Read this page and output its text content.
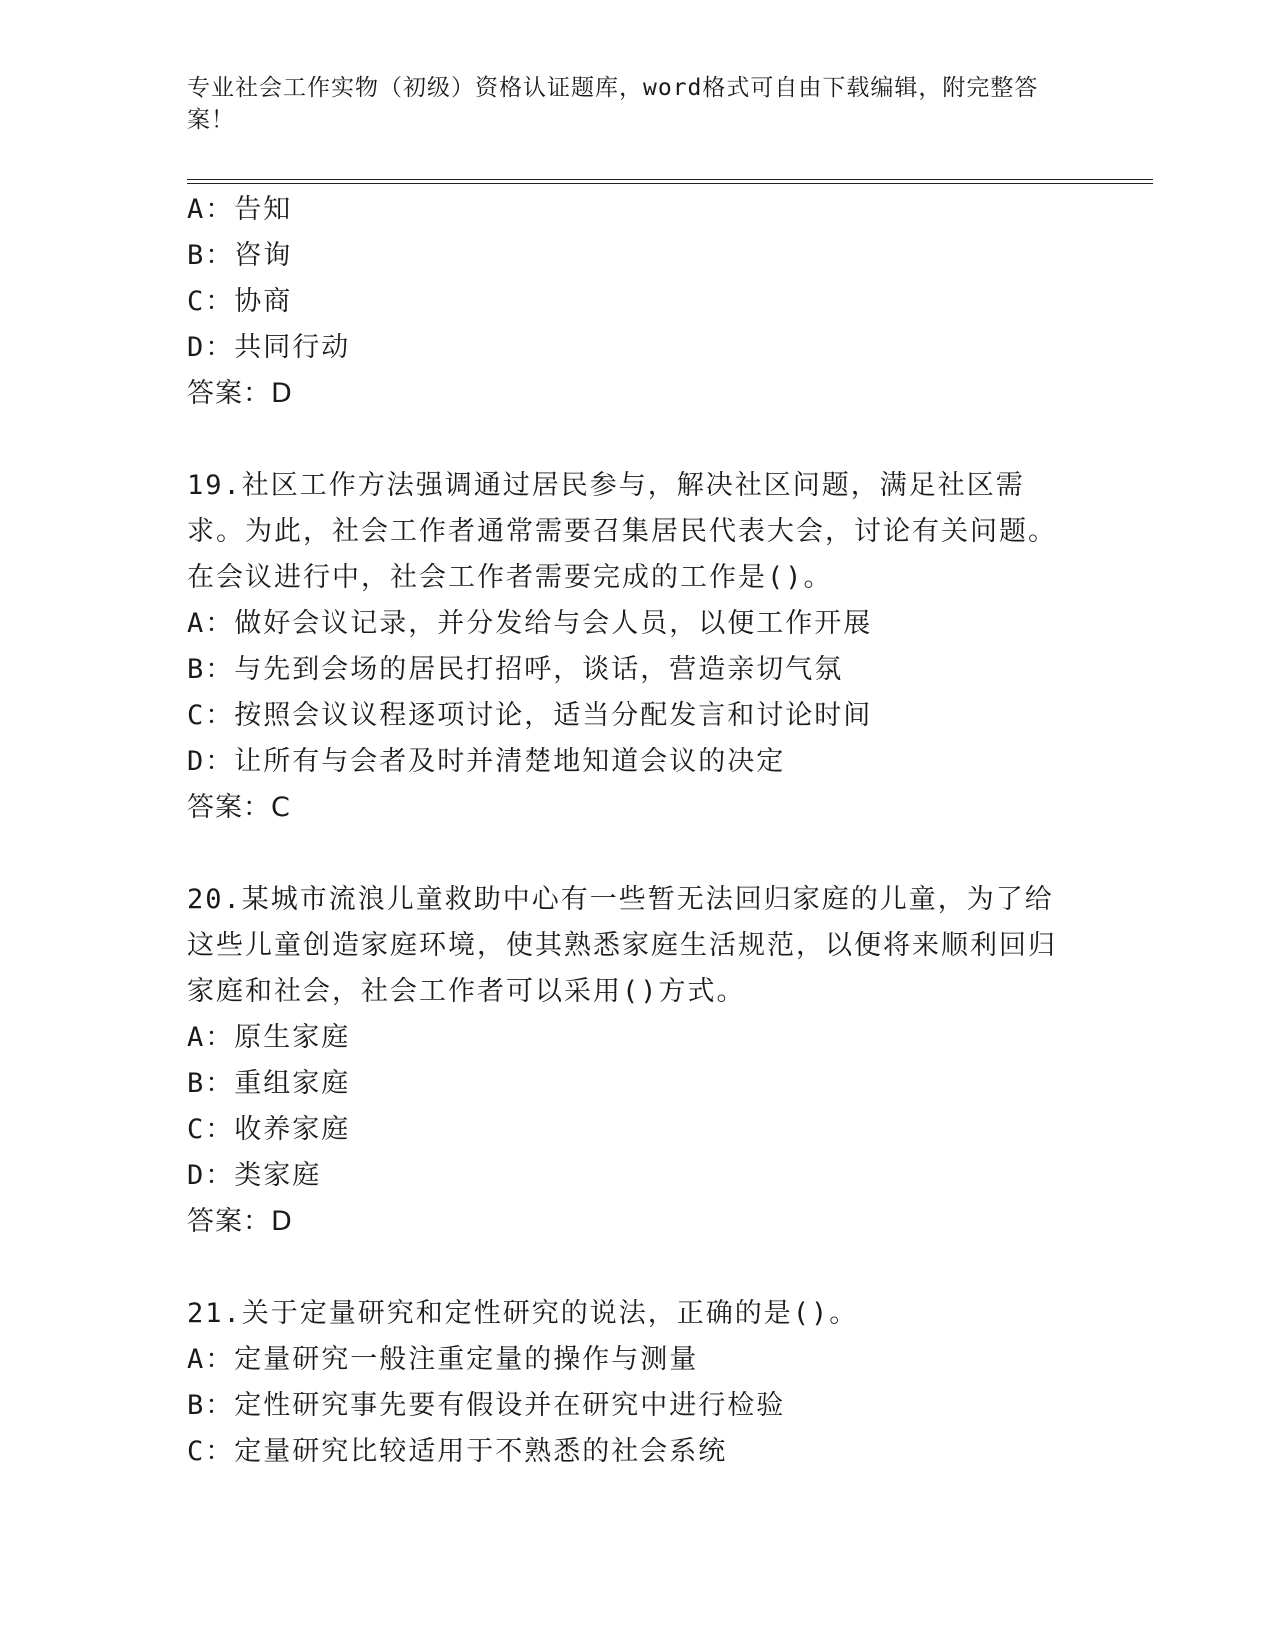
专业社会工作实物（初级）资格认证题库，word格式可自由下载编辑，附完整答案！
A：告知
B：咨询
C：协商
D：共同行动
答案：D
19.社区工作方法强调通过居民参与，解决社区问题，满足社区需求。为此，社会工作者通常需要召集居民代表大会，讨论有关问题。在会议进行中，社会工作者需要完成的工作是()。
A：做好会议记录，并分发给与会人员，以便工作开展
B：与先到会场的居民打招呼，谈话，营造亲切气氛
C：按照会议议程逐项讨论，适当分配发言和讨论时间
D：让所有与会者及时并清楚地知道会议的决定
答案：C
20.某城市流浪儿童救助中心有一些暂无法回归家庭的儿童，为了给这些儿童创造家庭环境，使其熟悉家庭生活规范，以便将来顺利回归家庭和社会，社会工作者可以采用()方式。
A：原生家庭
B：重组家庭
C：收养家庭
D：类家庭
答案：D
21.关于定量研究和定性研究的说法，正确的是()。
A：定量研究一般注重定量的操作与测量
B：定性研究事先要有假设并在研究中进行检验
C：定量研究比较适用于不熟悉的社会系统
